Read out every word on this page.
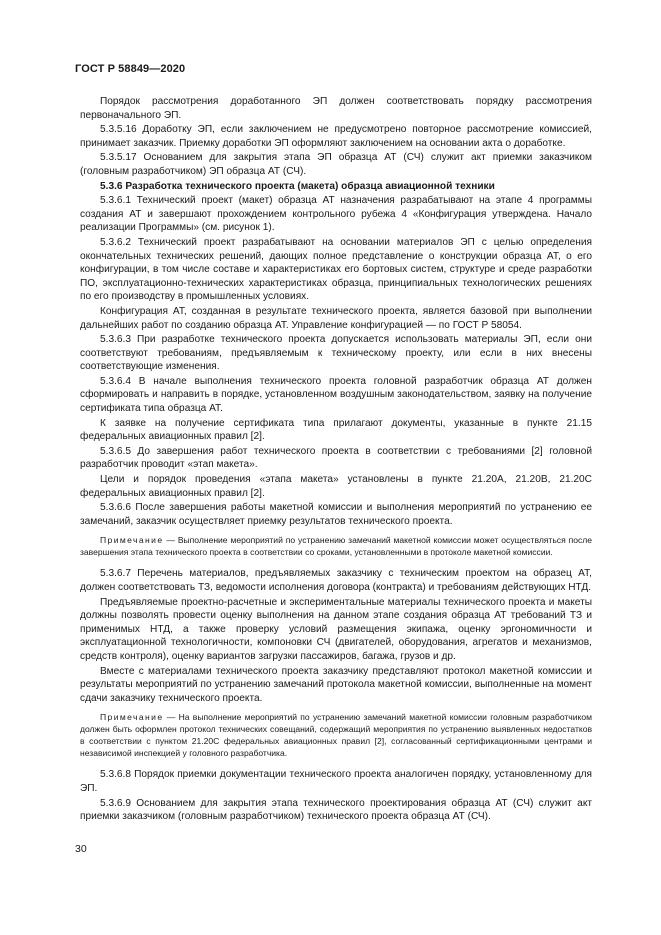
ГОСТ Р 58849—2020

Порядок рассмотрения доработанного ЭП должен соответствовать порядку рассмотрения первоначального ЭП.

5.3.5.16 Доработку ЭП, если заключением не предусмотрено повторное рассмотрение комиссией, принимает заказчик. Приемку доработки ЭП оформляют заключением на основании акта о доработке.

5.3.5.17 Основанием для закрытия этапа ЭП образца АТ (СЧ) служит акт приемки заказчиком (головным разработчиком) ЭП образца АТ (СЧ).

5.3.6 Разработка технического проекта (макета) образца авиационной техники

5.3.6.1 Технический проект (макет) образца АТ назначения разрабатывают на этапе 4 программы создания АТ и завершают прохождением контрольного рубежа 4 «Конфигурация утверждена. Начало реализации Программы» (см. рисунок 1).

5.3.6.2 Технический проект разрабатывают на основании материалов ЭП с целью определения окончательных технических решений, дающих полное представление о конструкции образца АТ, о его конфигурации, в том числе составе и характеристиках его бортовых систем, структуре и среде разработки ПО, эксплуатационно-технических характеристиках образца, принципиальных технологических решениях по его производству в промышленных условиях.

Конфигурация АТ, созданная в результате технического проекта, является базовой при выполнении дальнейших работ по созданию образца АТ. Управление конфигурацией — по ГОСТ Р 58054.

5.3.6.3 При разработке технического проекта допускается использовать материалы ЭП, если они соответствуют требованиям, предъявляемым к техническому проекту, или если в них внесены соответствующие изменения.

5.3.6.4 В начале выполнения технического проекта головной разработчик образца АТ должен сформировать и направить в порядке, установленном воздушным законодательством, заявку на получение сертификата типа образца АТ.

К заявке на получение сертификата типа прилагают документы, указанные в пункте 21.15 федеральных авиационных правил [2].

5.3.6.5 До завершения работ технического проекта в соответствии с требованиями [2] головной разработчик проводит «этап макета».

Цели и порядок проведения «этапа макета» установлены в пункте 21.20А, 21.20В, 21.20С федеральных авиационных правил [2].

5.3.6.6 После завершения работы макетной комиссии и выполнения мероприятий по устранению ее замечаний, заказчик осуществляет приемку результатов технического проекта.

Примечание — Выполнение мероприятий по устранению замечаний макетной комиссии может осуществляться после завершения этапа технического проекта в соответствии со сроками, установленными в протоколе макетной комиссии.

5.3.6.7 Перечень материалов, предъявляемых заказчику с техническим проектом на образец АТ, должен соответствовать ТЗ, ведомости исполнения договора (контракта) и требованиям действующих НТД.

Предъявляемые проектно-расчетные и экспериментальные материалы технического проекта и макеты должны позволять провести оценку выполнения на данном этапе создания образца АТ требований ТЗ и применимых НТД, а также проверку условий размещения экипажа, оценку эргономичности и эксплуатационной технологичности, компоновки СЧ (двигателей, оборудования, агрегатов и механизмов, средств контроля), оценку вариантов загрузки пассажиров, багажа, грузов и др.

Вместе с материалами технического проекта заказчику представляют протокол макетной комиссии и результаты мероприятий по устранению замечаний протокола макетной комиссии, выполненные на момент сдачи заказчику технического проекта.

Примечание — На выполнение мероприятий по устранению замечаний макетной комиссии головным разработчиком должен быть оформлен протокол технических совещаний, содержащий мероприятия по устранению выявленных недостатков в соответствии с пунктом 21.20С федеральных авиационных правил [2], согласованный сертификационными центрами и независимой инспекцией у головного разработчика.

5.3.6.8 Порядок приемки документации технического проекта аналогичен порядку, установленному для ЭП.

5.3.6.9 Основанием для закрытия этапа технического проектирования образца АТ (СЧ) служит акт приемки заказчиком (головным разработчиком) технического проекта образца АТ (СЧ).

30
